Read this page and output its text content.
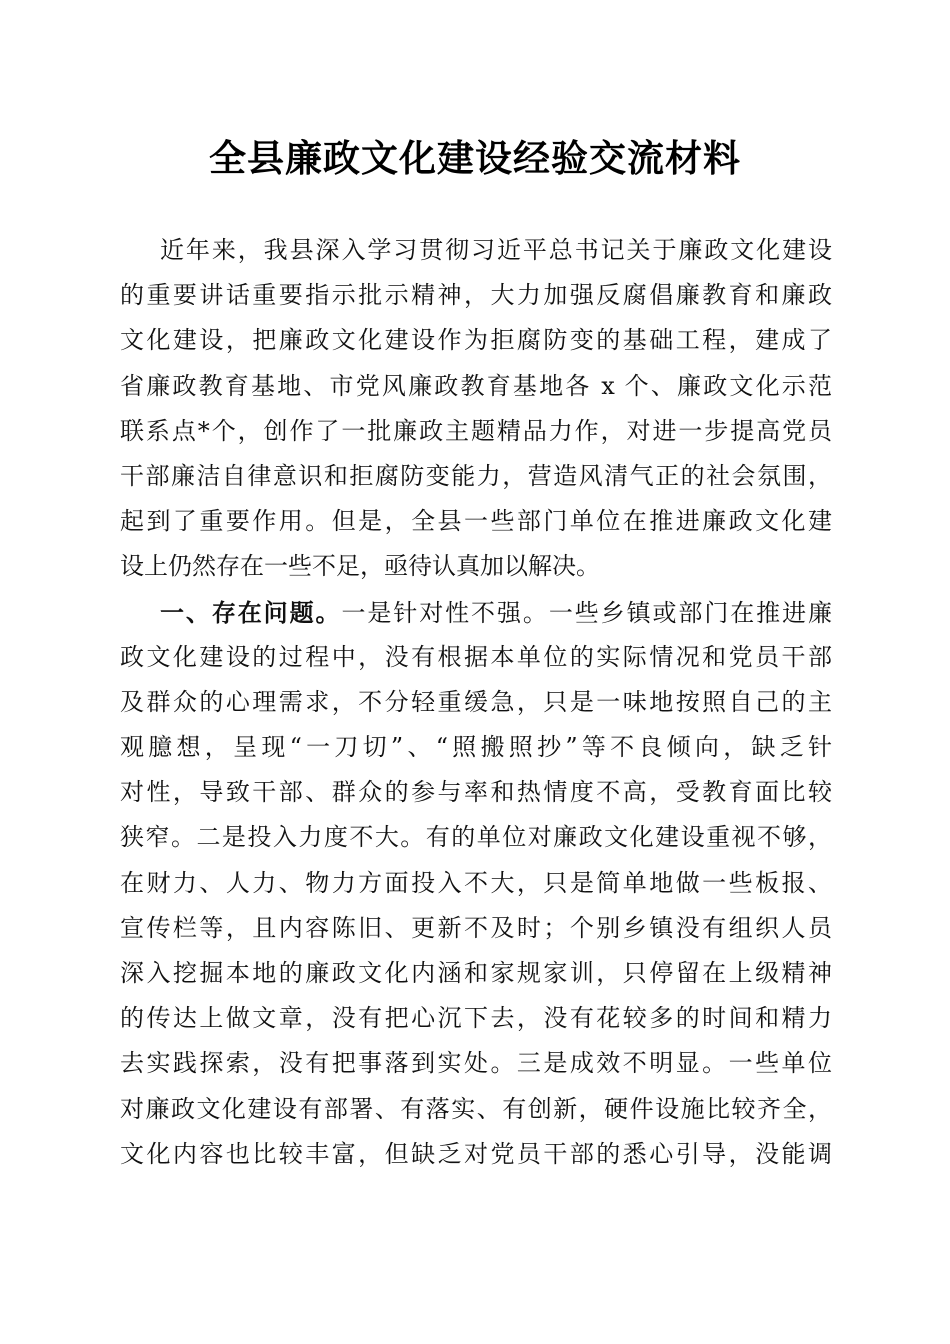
全县廉政文化建设经验交流材料
近年来，我县深入学习贯彻习近平总书记关于廉政文化建设
的重要讲话重要指示批示精神，大力加强反腐倡廉教育和廉政
文化建设，把廉政文化建设作为拒腐防变的基础工程，建成了
省廉政教育基地、市党风廉政教育基地各 x 个、廉政文化示范
联系点*个，创作了一批廉政主题精品力作，对进一步提高党员
干部廉洁自律意识和拒腐防变能力，营造风清气正的社会氛围，
起到了重要作用。但是，全县一些部门单位在推进廉政文化建
设上仍然存在一些不足，亟待认真加以解决。
一、存在问题。一是针对性不强。一些乡镇或部门在推进廉
政文化建设的过程中，没有根据本单位的实际情况和党员干部
及群众的心理需求，不分轻重缓急，只是一味地按照自己的主
观臆想，呈现“一刀切”、“照搬照抄”等不良倾向，缺乏针
对性，导致干部、群众的参与率和热情度不高，受教育面比较
狭窄。二是投入力度不大。有的单位对廉政文化建设重视不够，
在财力、人力、物力方面投入不大，只是简单地做一些板报、
宣传栏等，且内容陈旧、更新不及时；个别乡镇没有组织人员
深入挖掘本地的廉政文化内涵和家规家训，只停留在上级精神
的传达上做文章，没有把心沉下去，没有花较多的时间和精力
去实践探索，没有把事落到实处。三是成效不明显。一些单位
对廉政文化建设有部署、有落实、有创新，硬件设施比较齐全，
文化内容也比较丰富，但缺乏对党员干部的悉心引导，没能调
